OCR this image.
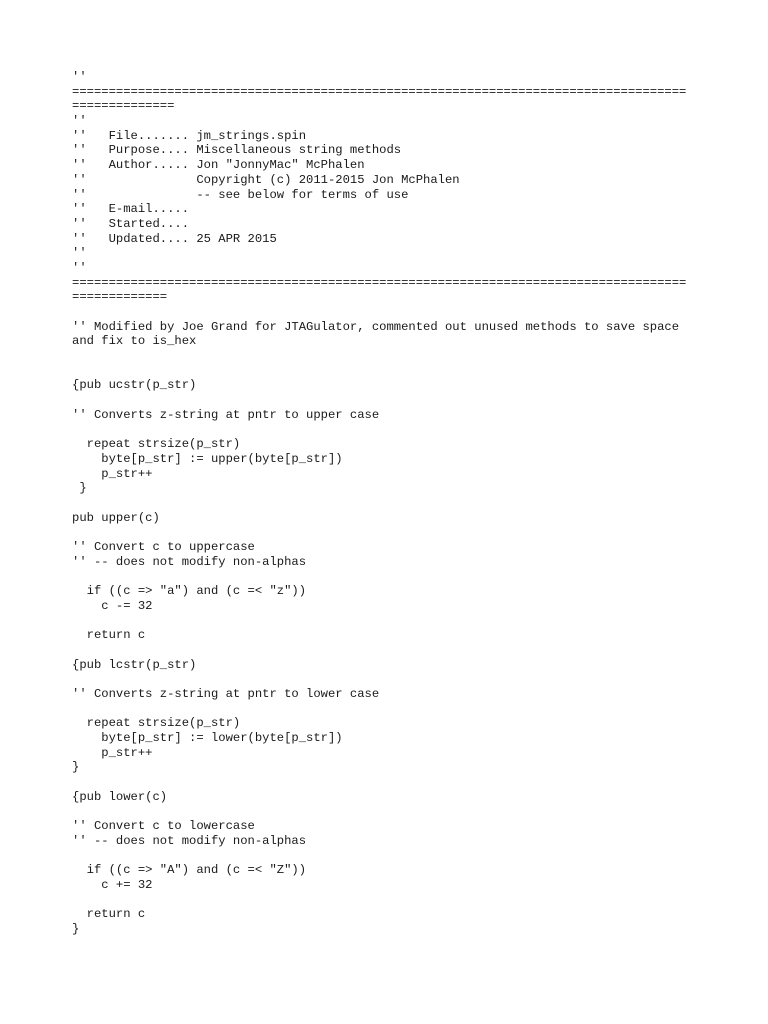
''
====================================================================================
==============
''
''   File....... jm_strings.spin
''   Purpose.... Miscellaneous string methods
''   Author..... Jon "JonnyMac" McPhalen
''               Copyright (c) 2011-2015 Jon McPhalen
''               -- see below for terms of use
''   E-mail.....
''   Started....
''   Updated.... 25 APR 2015
''
''
====================================================================================
=============
'' Modified by Joe Grand for JTAGulator, commented out unused methods to save space
and fix to is_hex
{pub ucstr(p_str)
'' Converts z-string at pntr to upper case
repeat strsize(p_str)
byte[p_str] := upper(byte[p_str])
p_str++
}
pub upper(c)
'' Convert c to uppercase
'' -- does not modify non-alphas
if ((c => "a") and (c =< "z"))
c -= 32
return c
{pub lcstr(p_str)
'' Converts z-string at pntr to lower case
repeat strsize(p_str)
byte[p_str] := lower(byte[p_str])
p_str++
}
{pub lower(c)
'' Convert c to lowercase
'' -- does not modify non-alphas
if ((c => "A") and (c =< "Z"))
c += 32
return c
}
